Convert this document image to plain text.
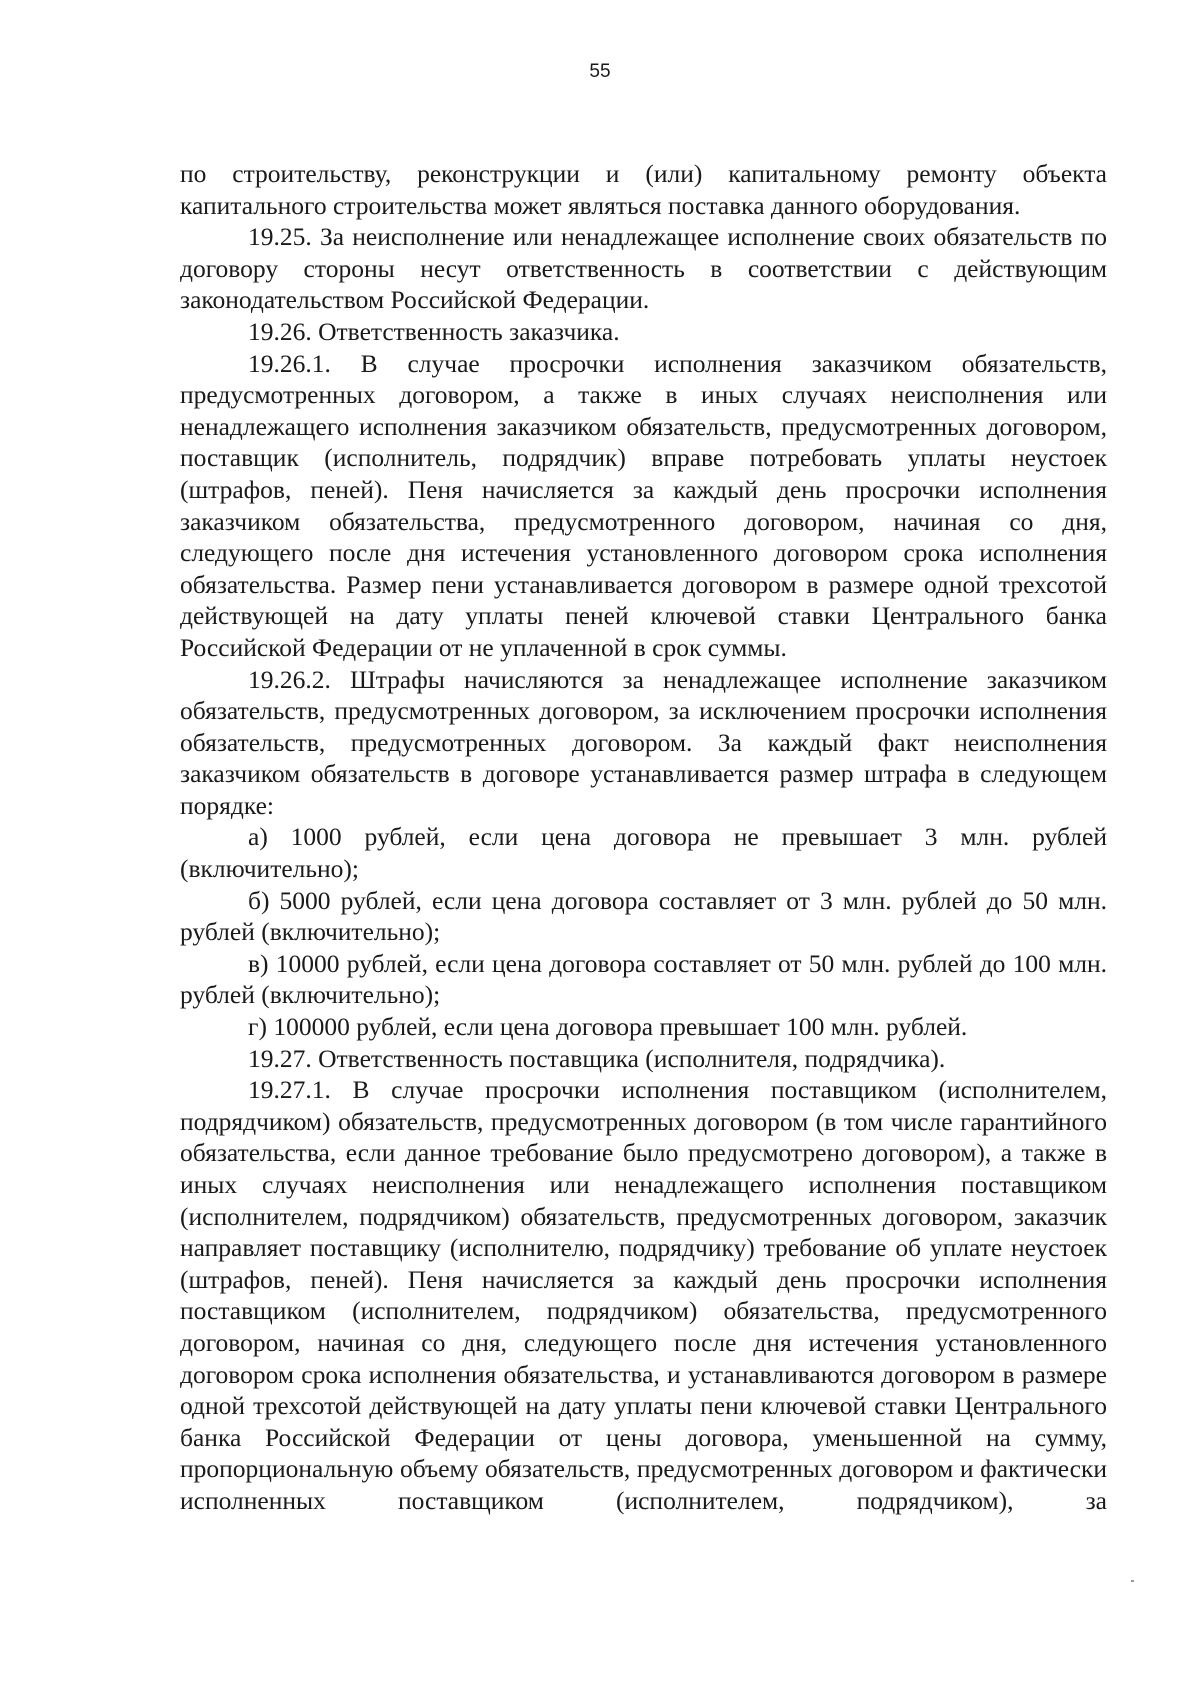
55

по строительству, реконструкции и (или) капитальному ремонту объекта капитального строительства может являться поставка данного оборудования.

19.25. За неисполнение или ненадлежащее исполнение своих обязательств по договору стороны несут ответственность в соответствии с действующим законодательством Российской Федерации.

19.26. Ответственность заказчика.

19.26.1. В случае просрочки исполнения заказчиком обязательств, предусмотренных договором, а также в иных случаях неисполнения или ненадлежащего исполнения заказчиком обязательств, предусмотренных договором, поставщик (исполнитель, подрядчик) вправе потребовать уплаты неустоек (штрафов, пеней). Пеня начисляется за каждый день просрочки исполнения заказчиком обязательства, предусмотренного договором, начиная со дня, следующего после дня истечения установленного договором срока исполнения обязательства. Размер пени устанавливается договором в размере одной трехсотой действующей на дату уплаты пеней ключевой ставки Центрального банка Российской Федерации от не уплаченной в срок суммы.

19.26.2. Штрафы начисляются за ненадлежащее исполнение заказчиком обязательств, предусмотренных договором, за исключением просрочки исполнения обязательств, предусмотренных договором. За каждый факт неисполнения заказчиком обязательств в договоре устанавливается размер штрафа в следующем порядке:

а) 1000 рублей, если цена договора не превышает 3 млн. рублей (включительно);

б) 5000 рублей, если цена договора составляет от 3 млн. рублей до 50 млн. рублей (включительно);

в) 10000 рублей, если цена договора составляет от 50 млн. рублей до 100 млн. рублей (включительно);

г) 100000 рублей, если цена договора превышает 100 млн. рублей.

19.27. Ответственность поставщика (исполнителя, подрядчика).

19.27.1. В случае просрочки исполнения поставщиком (исполнителем, подрядчиком) обязательств, предусмотренных договором (в том числе гарантийного обязательства, если данное требование было предусмотрено договором), а также в иных случаях неисполнения или ненадлежащего исполнения поставщиком (исполнителем, подрядчиком) обязательств, предусмотренных договором, заказчик направляет поставщику (исполнителю, подрядчику) требование об уплате неустоек (штрафов, пеней). Пеня начисляется за каждый день просрочки исполнения поставщиком (исполнителем, подрядчиком) обязательства, предусмотренного договором, начиная со дня, следующего после дня истечения установленного договором срока исполнения обязательства, и устанавливаются договором в размере одной трехсотой действующей на дату уплаты пени ключевой ставки Центрального банка Российской Федерации от цены договора, уменьшенной на сумму, пропорциональную объему обязательств, предусмотренных договором и фактически исполненных поставщиком (исполнителем, подрядчиком), за
